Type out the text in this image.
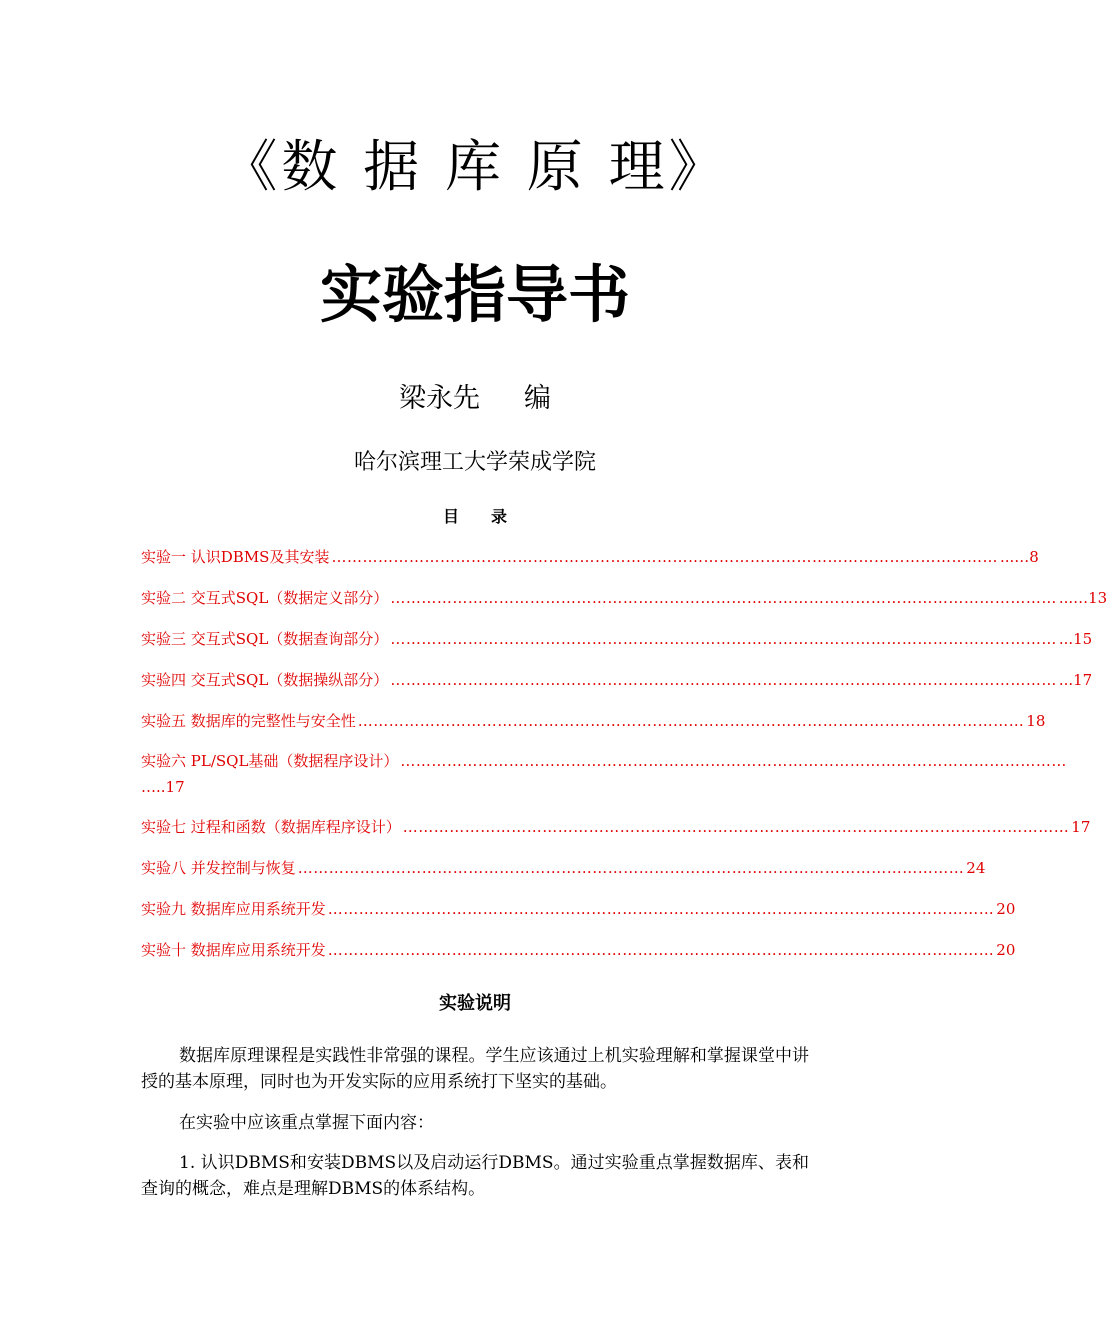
《数 据 库 原 理》
实验指导书
梁永先 编
哈尔滨理工大学荣成学院
目　　录
实验一 认识DBMS及其安装 ………………………………………………………………………………………………………………… ...…8
实验二 交互式SQL（数据定义部分） ………………………………………………………………………………………………………………… ...…13
实验三 交互式SQL（数据查询部分） ………………………………………………………………………………………………………………… ...15
实验四 交互式SQL（数据操纵部分） ………………………………………………………………………………………………………………… ...17
实验五 数据库的完整性与安全性 ………………………………………………………………………………………………………………… 18
实验六 PL/SQL基础（数据程序设计） …………………………………………………………………………………………………………………
…..17
实验七 过程和函数（数据库程序设计） ………………………………………………………………………………………………………………… 17
实验八 并发控制与恢复 ………………………………………………………………………………………………………………… 24
实验九 数据库应用系统开发 ………………………………………………………………………………………………………………… 20
实验十 数据库应用系统开发 ………………………………………………………………………………………………………………… 20
实验说明
数据库原理课程是实践性非常强的课程。学生应该通过上机实验理解和掌握课堂中讲授的基本原理，同时也为开发实际的应用系统打下坚实的基础。
在实验中应该重点掌握下面内容：
1. 认识DBMS和安装DBMS以及启动运行DBMS。通过实验重点掌握数据库、表和查询的概念，难点是理解DBMS的体系结构。
